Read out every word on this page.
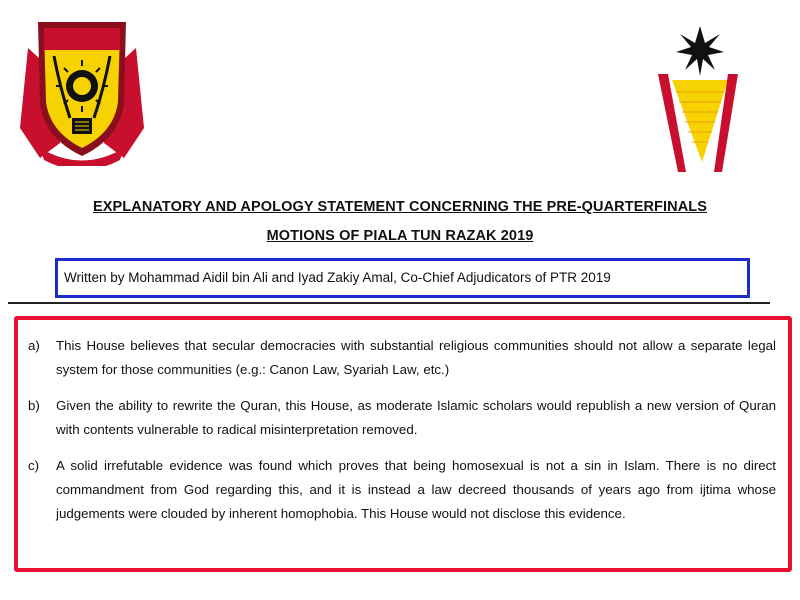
EXPLANATORY AND APOLOGY STATEMENT CONCERNING THE PRE-QUARTERFINALS
MOTIONS OF PIALA TUN RAZAK 2019
Written by Mohammad Aidil bin Ali and Iyad Zakiy Amal, Co-Chief Adjudicators of PTR 2019
a) This House believes that secular democracies with substantial religious communities should not allow a separate legal system for those communities (e.g.: Canon Law, Syariah Law, etc.)
b) Given the ability to rewrite the Quran, this House, as moderate Islamic scholars would republish a new version of Quran with contents vulnerable to radical misinterpretation removed.
c) A solid irrefutable evidence was found which proves that being homosexual is not a sin in Islam. There is no direct commandment from God regarding this, and it is instead a law decreed thousands of years ago from ijtima whose judgements were clouded by inherent homophobia. This House would not disclose this evidence.
